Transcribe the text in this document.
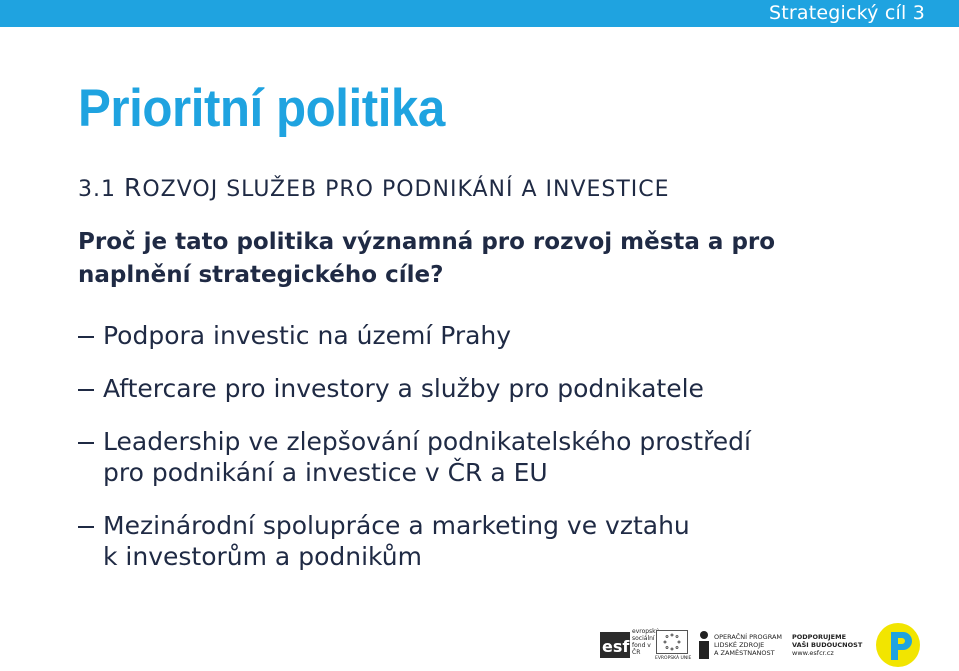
Strategický cíl 3
Prioritní politika
3.1 ROZVOJ SLUŽEB PRO PODNIKÁNÍ A INVESTICE
Proč je tato politika významná pro rozvoj města a pro naplnění strategického cíle?
Podpora investic na území Prahy
Aftercare pro investory a služby pro podnikatele
Leadership ve zlepšování podnikatelského prostředí
pro podnikání a investice v ČR a EU
Mezinárodní spolupráce a marketing ve vztahu
k investorům a podnikům
esf
evropský sociální fond v ČR
EVROPSKÁ UNIE
OPERAČNÍ PROGRAM
LIDSKÉ ZDROJE
A ZAMĚSTNANOST
PODPORUJEME
VAŠI BUDOUCNOST
www.esfcr.cz
